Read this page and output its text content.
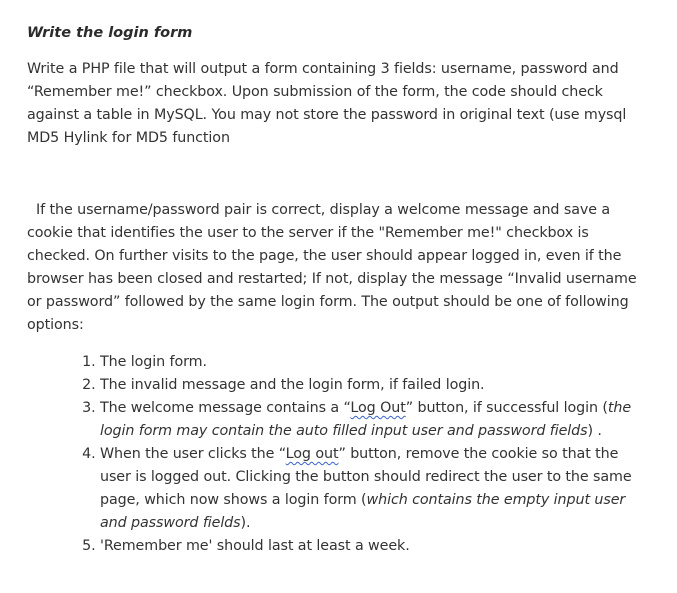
Write the login form

Write a PHP file that will output a form containing 3 fields: username, password and “Remember me!” checkbox. Upon submission of the form, the code should check against a table in MySQL. You may not store the password in original text (use mysql MD5 Hylink for MD5 function

If the username/password pair is correct, display a welcome message and save a cookie that identifies the user to the server if the "Remember me!" checkbox is checked. On further visits to the page, the user should appear logged in, even if the browser has been closed and restarted; If not, display the message “Invalid username or password” followed by the same login form. The output should be one of following options:

1. The login form.
2. The invalid message and the login form, if failed login.
3. The welcome message contains a “Log Out” button, if successful login (the login form may contain the auto filled input user and password fields) .
4. When the user clicks the “Log out” button, remove the cookie so that the user is logged out. Clicking the button should redirect the user to the same page, which now shows a login form (which contains the empty input user and password fields).
5. 'Remember me' should last at least a week.
